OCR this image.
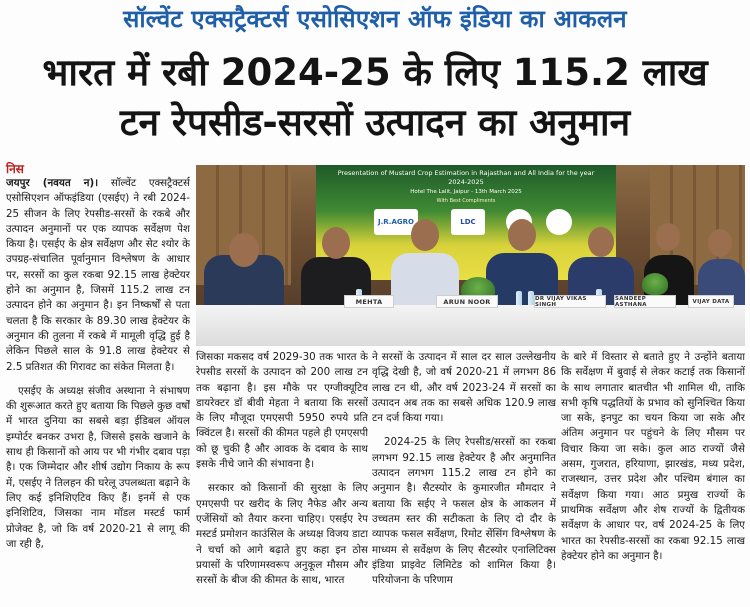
सॉल्वेंट एक्सट्रैक्टर्स एसोसिएशन ऑफ इंडिया का आकलन
भारत में रबी 2024-25 के लिए 115.2 लाख
टन रेपसीड-सरसों उत्पादन का अनुमान
निस

जयपुर (नवयत न)। सॉल्वेंट एक्सट्रैक्टर्स एसोसिएशन ऑफइंडिया (एसईए) ने रबी 2024-25 सीजन के लिए रेपसीड-सरसों के रकबे और उत्पादन अनुमानों पर एक व्यापक सर्वेक्षण पेश किया है। एसईए के क्षेत्र सर्वेक्षण और सेट श्योर के उपग्रह-संचालित पूर्वानुमान विश्लेषण के आधार पर, सरसों का कुल रकबा 92.15 लाख हेक्टेयर होने का अनुमान है, जिसमें 115.2 लाख टन उत्पादन होने का अनुमान है। इन निष्कर्षों से पता चलता है कि सरकार के 89.30 लाख हेक्टेयर के अनुमान की तुलना में रकबे में मामूली वृद्धि हुई है लेकिन पिछले साल के 91.8 लाख हेक्टेयर से 2.5 प्रतिशत की गिरावट का संकेत मिलता है।

एसईए के अध्यक्ष संजीव अस्थाना ने संभाषण की शुरूआत करते हुए बताया कि पिछले कुछ वर्षों में भारत दुनिया का सबसे बड़ा ईडिबल ऑयल इम्पोर्टर बनकर उभरा है, जिससे इसके खजाने के साथ ही किसानों को आय पर भी गंभीर दबाव पड़ा है। एक जिम्मेदार और शीर्ष उद्योग निकाय के रूप में, एसईए ने तिलहन की घरेलू उपलब्धता बढ़ाने के लिए कई इनिशिएटिव किए हैं। इनमें से एक इनिशिटिव, जिसका नाम मॉडल मस्टर्ड फार्म प्रोजेक्ट है, जो कि वर्ष 2020-21 से लागू की जा रही है,

Presentation of Mustard Crop Estimation in Rajasthan and All India for the year 2024-2025
Hotel The Lalit, Jaipur - 13th March 2025
With Best Compliments
J.R.AGRO	LDC
MEHTA	ARUN NOOR	DR VIJAY VIKAS SINGH
SANDEEP ASTHANA	VIJAY DATA

जिसका मकसद वर्ष 2029-30 तक भारत के रेपसीड सरसों के उत्पादन को 200 लाख टन तक बढ़ाना है। इस मौके पर एग्जीक्यूटिव डायरेक्टर डॉ बीवी मेहता ने बताया कि सरसों के लिए मौजूदा एमएसपी 5950 रुपये प्रति क्विंटल है। सरसों की कीमत पहले ही एमएसपी को छू चुकी है और आवक के दबाव के साथ इसके नीचे जाने की संभावना है।

सरकार को किसानों की सुरक्षा के लिए एमएसपी पर खरीद के लिए नैफेड और अन्य एजेंसियों को तैयार करना चाहिए। एसईए रेप मस्टर्ड प्रमोशन काउंसिल के अध्यक्ष विजय डाटा ने चर्चा को आगे बढ़ाते हुए कहा इन ठोस प्रयासों के परिणामस्वरूप अनुकूल मौसम और सरसों के बीज की कीमत के साथ, भारत

ने सरसों के उत्पादन में साल दर साल उल्लेखनीय वृद्धि देखी है, जो वर्ष 2020-21 में लगभग 86 लाख टन थी, और वर्ष 2023-24 में सरसों का उत्पादन अब तक का सबसे अधिक 120.9 लाख टन दर्ज किया गया।

2024-25 के लिए रेपसीड/सरसों का रकबा लगभग 92.15 लाख हेक्टेयर है और अनुमानित उत्पादन लगभग 115.2 लाख टन होने का अनुमान है। सैटस्योर के कुमारजीत मौमदार ने बताया कि सईए ने फसल क्षेत्र के आकलन में उच्चतम स्तर की सटीकता के लिए दो दौर के व्यापक फसल सर्वेक्षण, रिमोट सेंसिंग विश्लेषण के माध्यम से सर्वेक्षण के लिए सैटस्योर एनालिटिक्स इंडिया प्राइवेट लिमिटेड को शामिल किया है। परियोजना के परिणाम

के बारे में विस्तार से बताते हुए ने उन्होंने बताया कि सर्वेक्षण में बुवाई से लेकर कटाई तक किसानों के साथ लगातार बातचीत भी शामिल थी, ताकि सभी कृषि पद्धतियों के प्रभाव को सुनिश्चित किया जा सके, इनपुट का चयन किया जा सके और अंतिम अनुमान पर पहुंचने के लिए मौसम पर विचार किया जा सके। कुल आठ राज्यों जैसे असम, गुजरात, हरियाणा, झारखंड, मध्य प्रदेश, राजस्थान, उत्तर प्रदेश और पश्चिम बंगाल का सर्वेक्षण किया गया। आठ प्रमुख राज्यों के प्राथमिक सर्वेक्षण और शेष राज्यों के द्वितीयक सर्वेक्षण के आधार पर, वर्ष 2024-25 के लिए भारत का रेपसीड-सरसों का रकबा 92.15 लाख हेक्टेयर होने का अनुमान है।
